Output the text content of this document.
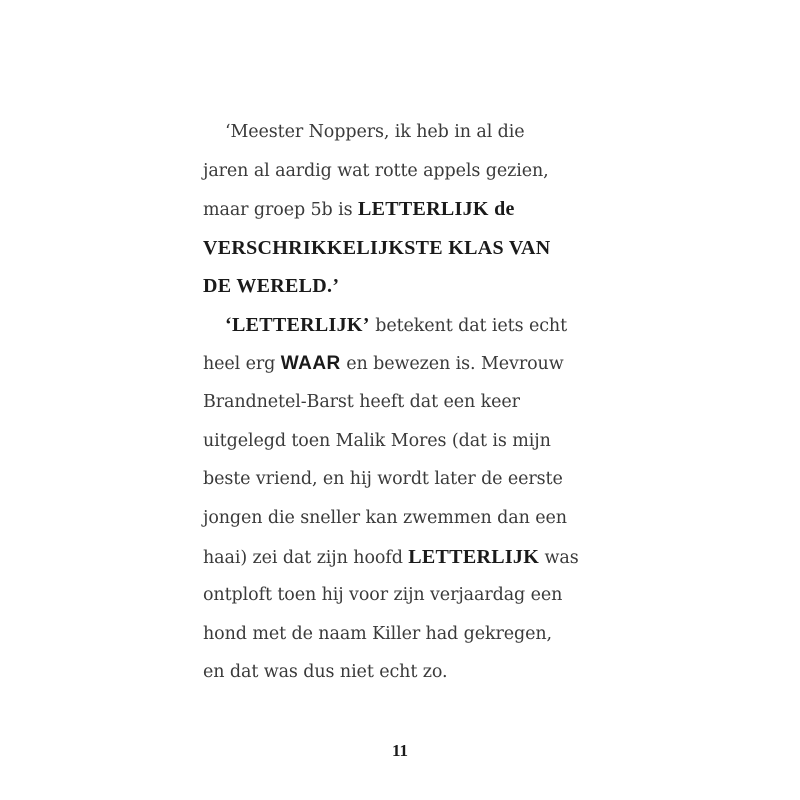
‘Meester Noppers, ik heb in al die
jaren al aardig wat rotte appels gezien,
maar groep 5b is LETTERLIJK de
VERSCHRIKKELIJKSTE KLAS VAN
DE WERELD.’

‘LETTERLIJK’ betekent dat iets echt
heel erg WAAR en bewezen is. Mevrouw
Brandnetel-Barst heeft dat een keer
uitgelegd toen Malik Mores (dat is mijn
beste vriend, en hij wordt later de eerste
jongen die sneller kan zwemmen dan een
haai) zei dat zijn hoofd LETTERLIJK was
ontploft toen hij voor zijn verjaardag een
hond met de naam Killer had gekregen,
en dat was dus niet echt zo.

11
